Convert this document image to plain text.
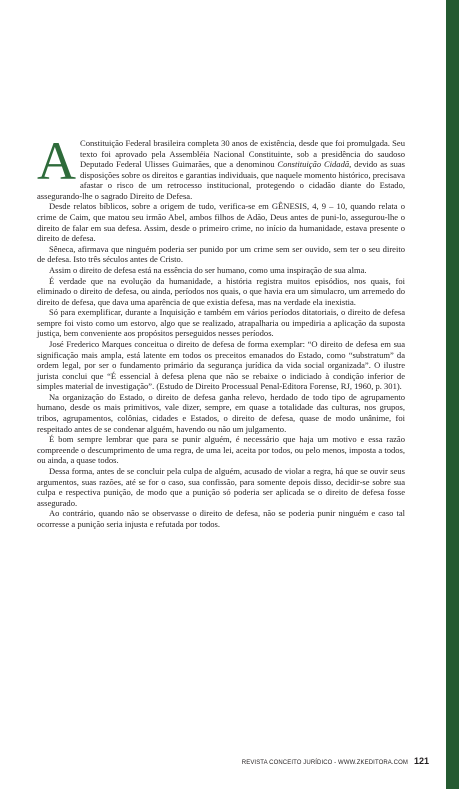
A Constituição Federal brasileira completa 30 anos de existência, desde que foi promulgada. Seu texto foi aprovado pela Assembléia Nacional Constituinte, sob a presidência do saudoso Deputado Federal Ulisses Guimarães, que a denominou Constituição Cidadã, devido as suas disposições sobre os direitos e garantias individuais, que naquele momento histórico, precisava afastar o risco de um retrocesso institucional, protegendo o cidadão diante do Estado, assegurando-lhe o sagrado Direito de Defesa.

Desde relatos bíblicos, sobre a origem de tudo, verifica-se em GÊNESIS, 4, 9 – 10, quando relata o crime de Caim, que matou seu irmão Abel, ambos filhos de Adão, Deus antes de puni-lo, assegurou-lhe o direito de falar em sua defesa. Assim, desde o primeiro crime, no início da humanidade, estava presente o direito de defesa.

Sêneca, afirmava que ninguém poderia ser punido por um crime sem ser ouvido, sem ter o seu direito de defesa. Isto três séculos antes de Cristo.

Assim o direito de defesa está na essência do ser humano, como uma inspiração de sua alma.

É verdade que na evolução da humanidade, a história registra muitos episódios, nos quais, foi eliminado o direito de defesa, ou ainda, períodos nos quais, o que havia era um simulacro, um arremedo do direito de defesa, que dava uma aparência de que existia defesa, mas na verdade ela inexistia.

Só para exemplificar, durante a Inquisição e também em vários períodos ditatoriais, o direito de defesa sempre foi visto como um estorvo, algo que se realizado, atrapalharia ou impediria a aplicação da suposta justiça, bem conveniente aos propósitos perseguidos nesses períodos.

José Frederico Marques conceitua o direito de defesa de forma exemplar: “O direito de defesa em sua significação mais ampla, está latente em todos os preceitos emanados do Estado, como “substratum” da ordem legal, por ser o fundamento primário da segurança jurídica da vida social organizada”. O ilustre jurista conclui que “É essencial à defesa plena que não se rebaixe o indiciado à condição inferior de simples material de investigação”. (Estudo de Direito Processual Penal-Editora Forense, RJ, 1960, p. 301).

Na organização do Estado, o direito de defesa ganha relevo, herdado de todo tipo de agrupamento humano, desde os mais primitivos, vale dizer, sempre, em quase a totalidade das culturas, nos grupos, tribos, agrupamentos, colônias, cidades e Estados, o direito de defesa, quase de modo unânime, foi respeitado antes de se condenar alguém, havendo ou não um julgamento.

É bom sempre lembrar que para se punir alguém, é necessário que haja um motivo e essa razão compreende o descumprimento de uma regra, de uma lei, aceita por todos, ou pelo menos, imposta a todos, ou ainda, a quase todos.

Dessa forma, antes de se concluir pela culpa de alguém, acusado de violar a regra, há que se ouvir seus argumentos, suas razões, até se for o caso, sua confissão, para somente depois disso, decidir-se sobre sua culpa e respectiva punição, de modo que a punição só poderia ser aplicada se o direito de defesa fosse assegurado.

Ao contrário, quando não se observasse o direito de defesa, não se poderia punir ninguém e caso tal ocorresse a punição seria injusta e refutada por todos.

REVISTA CONCEITO JURÍDICO - WWW.ZKEDITORA.COM 121
